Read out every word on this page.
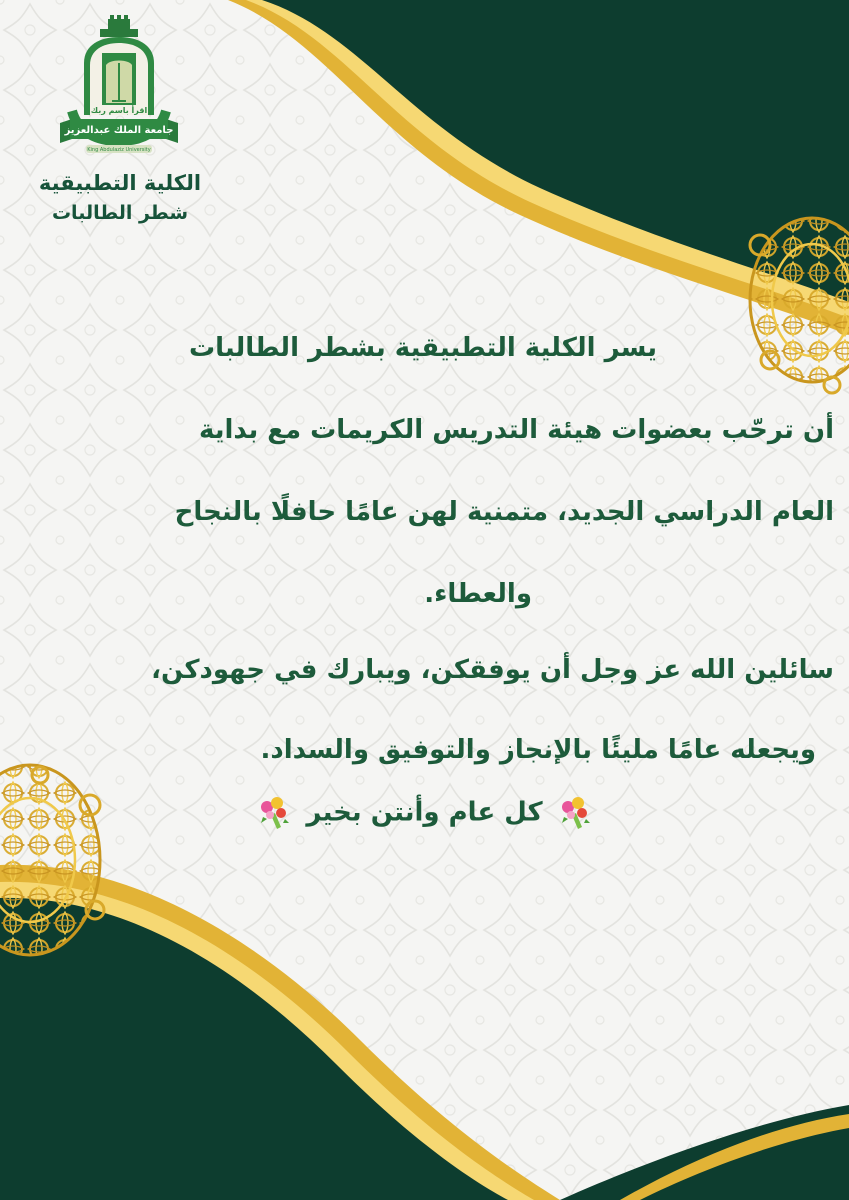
جامعة الملك عبدالعزيز
اقرأ باسم ربك
King Abdulaziz University
الكلية التطبيقية
شطر الطالبات
يسر الكلية التطبيقية بشطر الطالبات
أن ترحّب بعضوات هيئة التدريس الكريمات مع بداية
العام الدراسي الجديد، متمنية لهن عامًا حافلًا بالنجاح
والعطاء.
سائلين الله عز وجل أن يوفقكن، ويبارك في جهودكن،
ويجعله عامًا مليئًا بالإنجاز والتوفيق والسداد.
كل عام وأنتن بخير
